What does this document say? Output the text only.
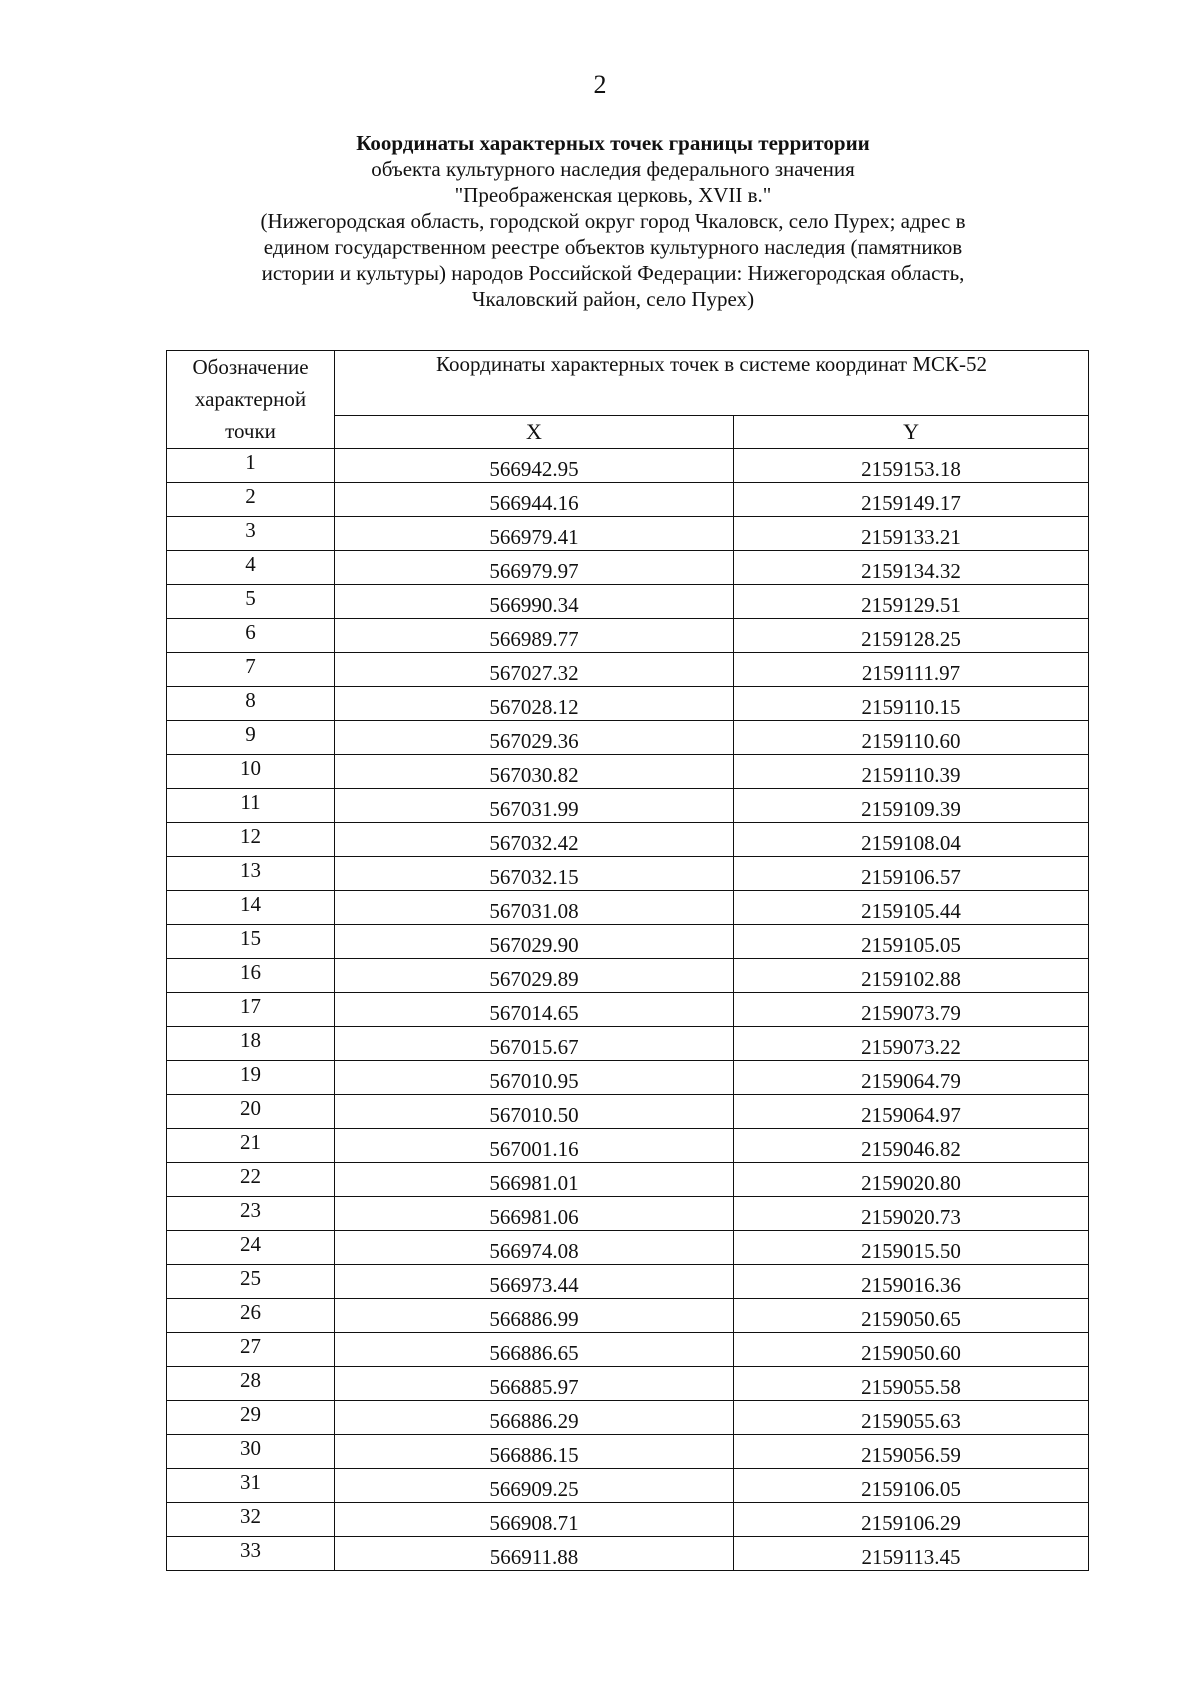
2
Координаты характерных точек границы территории
объекта культурного наследия федерального значения
"Преображенская церковь, XVII в."
(Нижегородская область, городской округ город Чкаловск, село Пурех; адрес в
едином государственном реестре объектов культурного наследия (памятников
истории и культуры) народов Российской Федерации: Нижегородская область,
Чкаловский район, село Пурех)
Обозначение
характерной
точки	Координаты характерных точек в системе координат МСК-52	
	X	Y
1	566942.95	2159153.18
2	566944.16	2159149.17
3	566979.41	2159133.21
4	566979.97	2159134.32
5	566990.34	2159129.51
6	566989.77	2159128.25
7	567027.32	2159111.97
8	567028.12	2159110.15
9	567029.36	2159110.60
10	567030.82	2159110.39
11	567031.99	2159109.39
12	567032.42	2159108.04
13	567032.15	2159106.57
14	567031.08	2159105.44
15	567029.90	2159105.05
16	567029.89	2159102.88
17	567014.65	2159073.79
18	567015.67	2159073.22
19	567010.95	2159064.79
20	567010.50	2159064.97
21	567001.16	2159046.82
22	566981.01	2159020.80
23	566981.06	2159020.73
24	566974.08	2159015.50
25	566973.44	2159016.36
26	566886.99	2159050.65
27	566886.65	2159050.60
28	566885.97	2159055.58
29	566886.29	2159055.63
30	566886.15	2159056.59
31	566909.25	2159106.05
32	566908.71	2159106.29
33	566911.88	2159113.45
